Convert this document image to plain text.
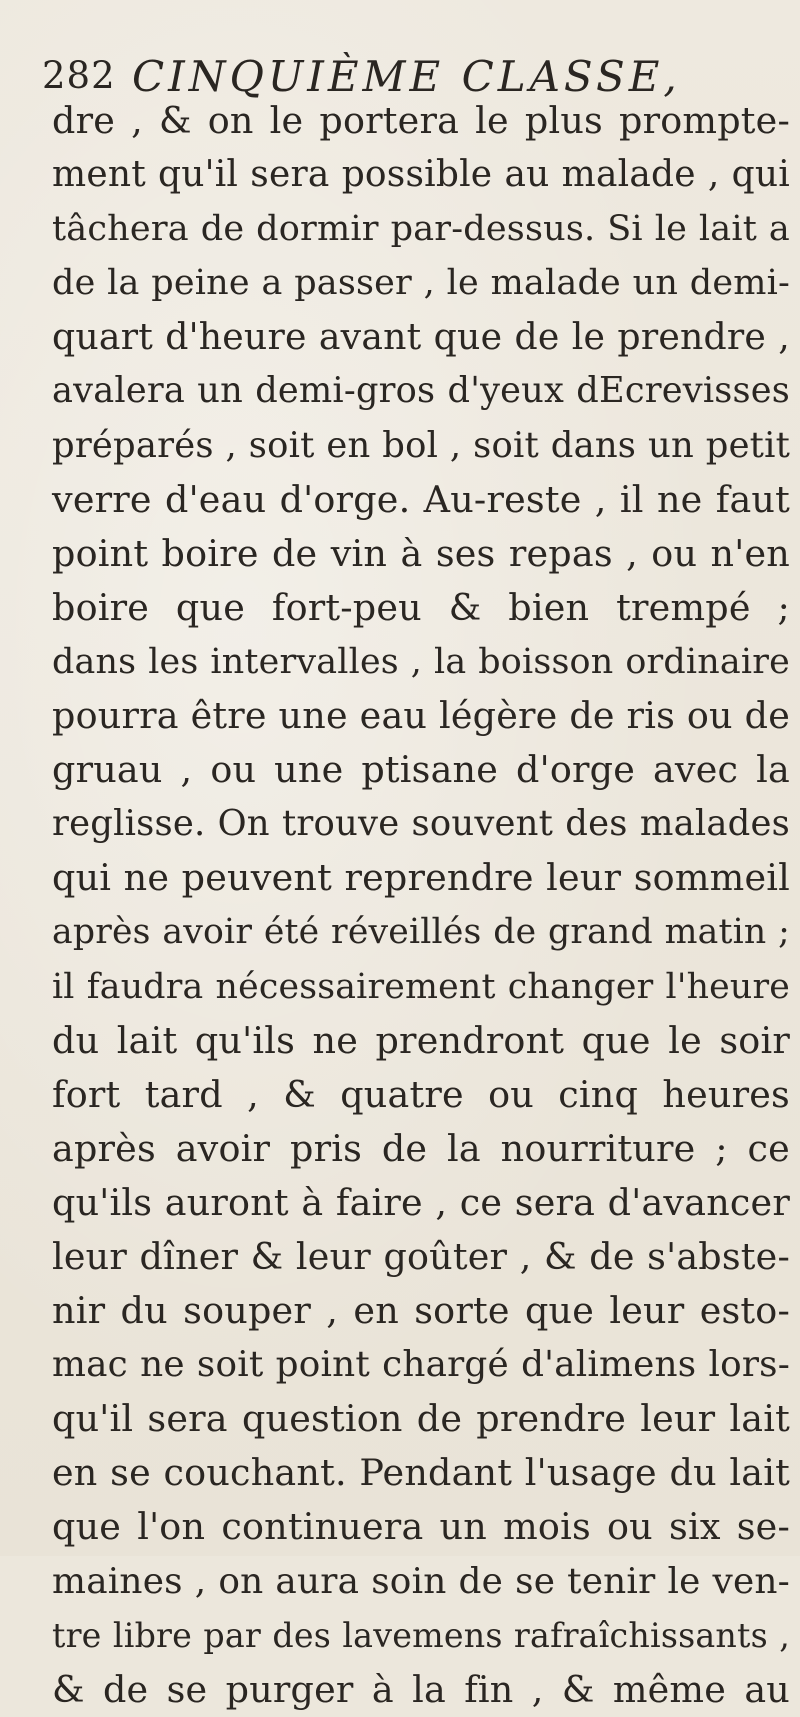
282 CINQUIÈME CLASSE,
dre , & on le portera le plus prompte-
ment qu'il sera possible au malade , qui
tâchera de dormir par-dessus. Si le lait a
de la peine a passer , le malade un demi-
quart d'heure avant que de le prendre ,
avalera un demi-gros d'yeux dEcrevisses
préparés , soit en bol , soit dans un petit
verre d'eau d'orge. Au-reste , il ne faut
point boire de vin à ses repas , ou n'en
boire que fort-peu & bien trempé ;
dans les intervalles , la boisson ordinaire
pourra être une eau légère de ris ou de
gruau , ou une ptisane d'orge avec la
reglisse. On trouve souvent des malades
qui ne peuvent reprendre leur sommeil
après avoir été réveillés de grand matin ;
il faudra nécessairement changer l'heure
du lait qu'ils ne prendront que le soir
fort tard , & quatre ou cinq heures
après avoir pris de la nourriture ; ce
qu'ils auront à faire , ce sera d'avancer
leur dîner & leur goûter , & de s'abste-
nir du souper , en sorte que leur esto-
mac ne soit point chargé d'alimens lors-
qu'il sera question de prendre leur lait
en se couchant. Pendant l'usage du lait
que l'on continuera un mois ou six se-
maines , on aura soin de se tenir le ven-
tre libre par des lavemens rafraîchissants ,
& de se purger à la fin , & même au
